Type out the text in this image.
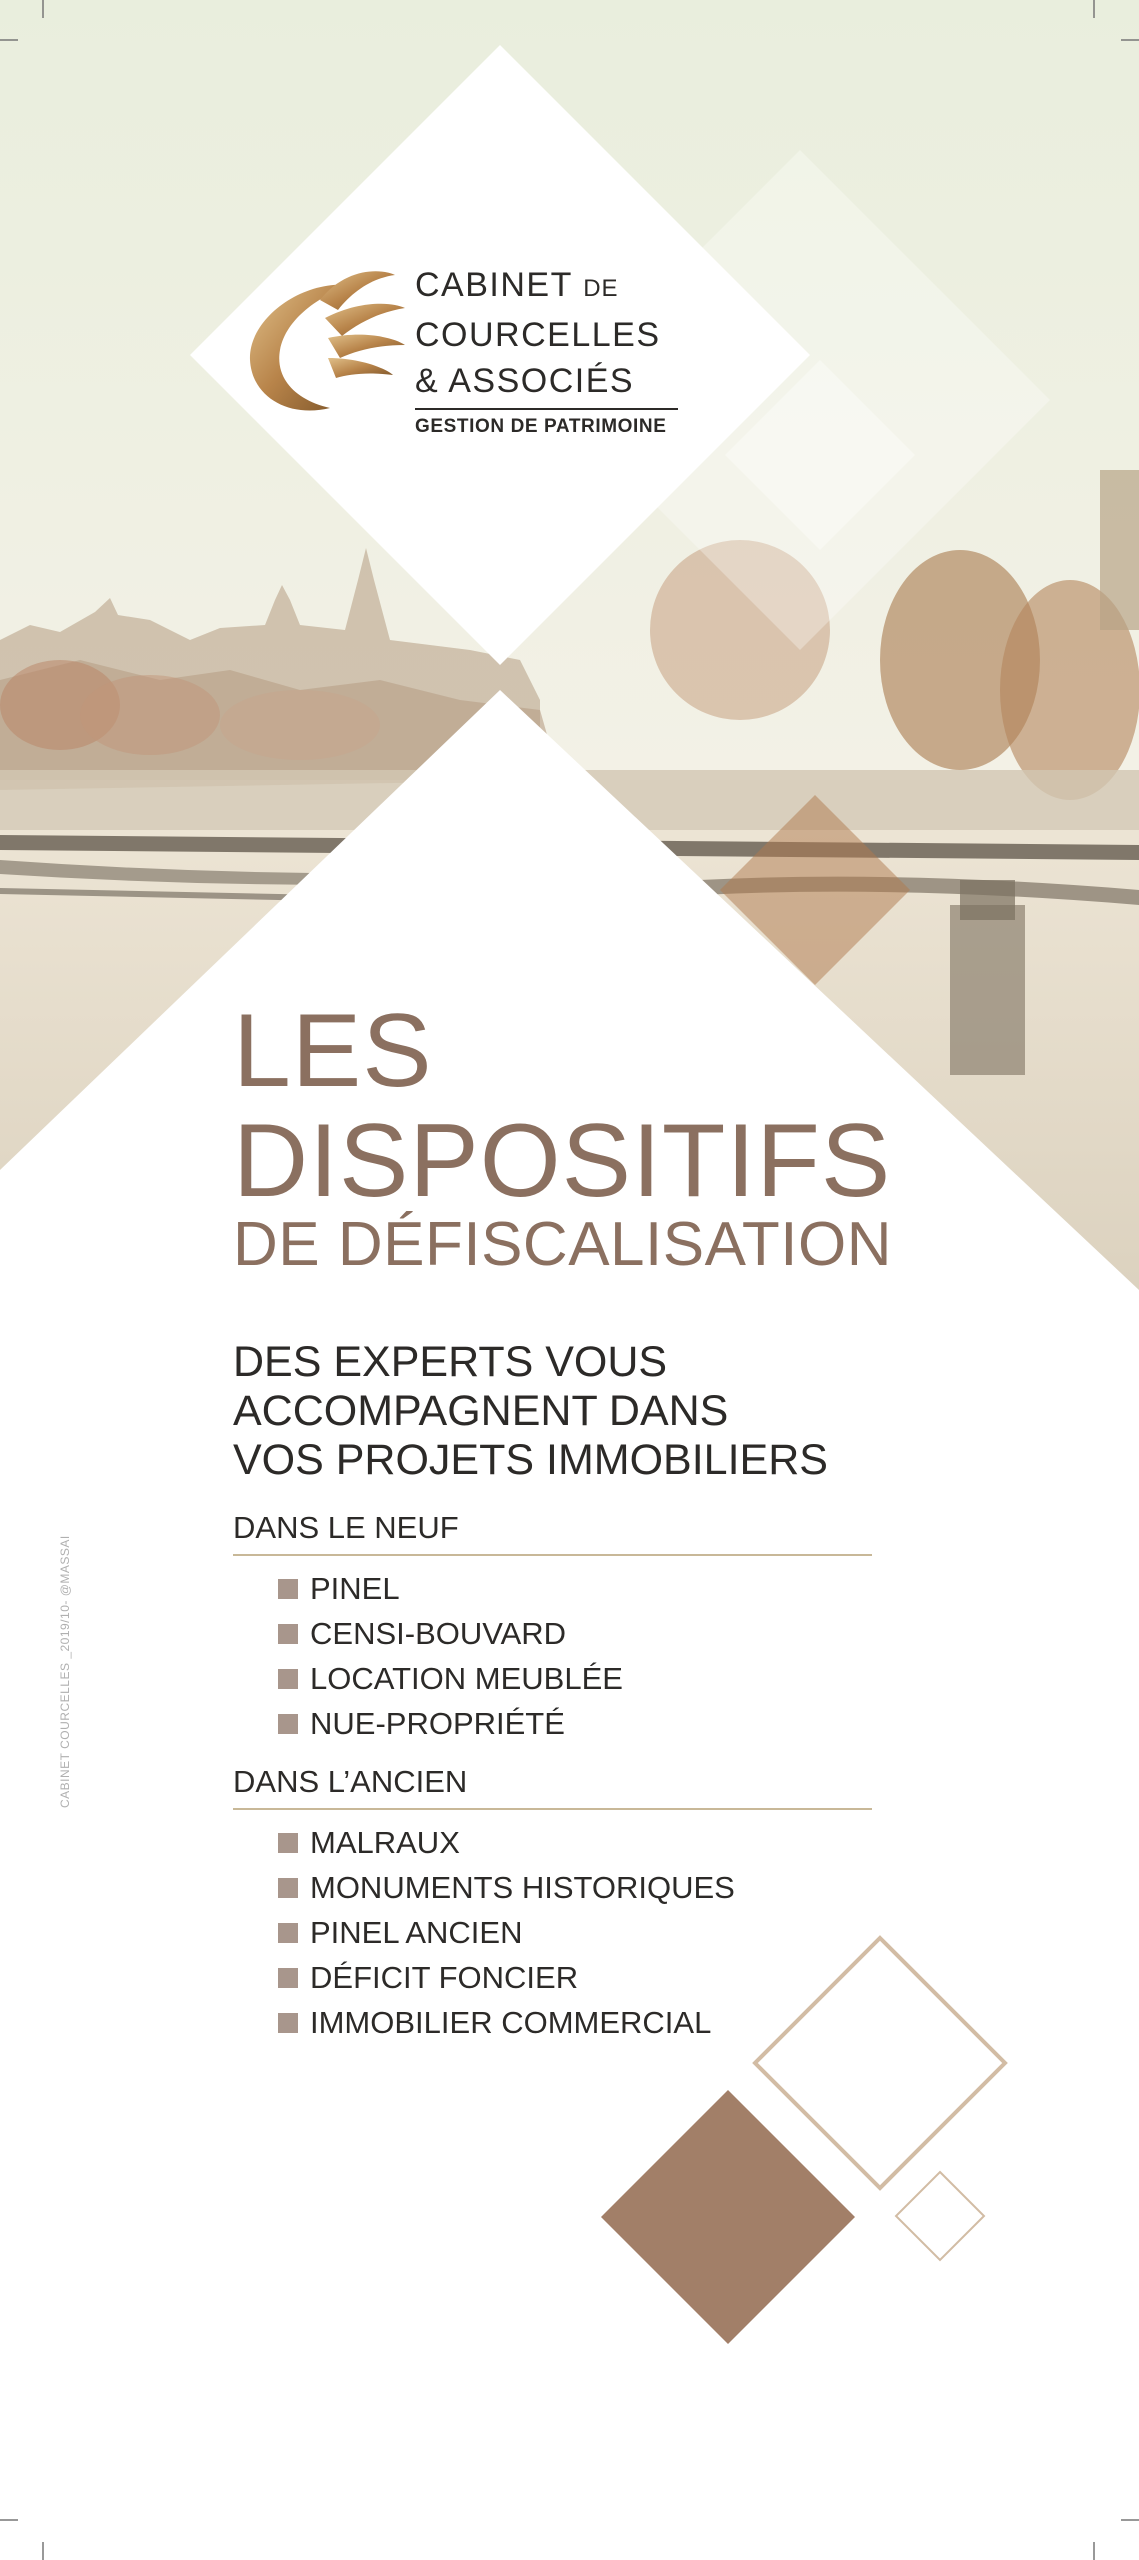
CABINET DE
COURCELLES
& ASSOCIÉS
GESTION DE PATRIMOINE
LES
DISPOSITIFS
DE DÉFISCALISATION
DES EXPERTS VOUS
ACCOMPAGNENT DANS
VOS PROJETS IMMOBILIERS
DANS LE NEUF
PINEL
CENSI-BOUVARD
LOCATION MEUBLÉE
NUE-PROPRIÉTÉ
DANS L’ANCIEN
MALRAUX
MONUMENTS HISTORIQUES
PINEL ANCIEN
DÉFICIT FONCIER
IMMOBILIER COMMERCIAL
CABINET COURCELLES _2019/10- @MASSAI
